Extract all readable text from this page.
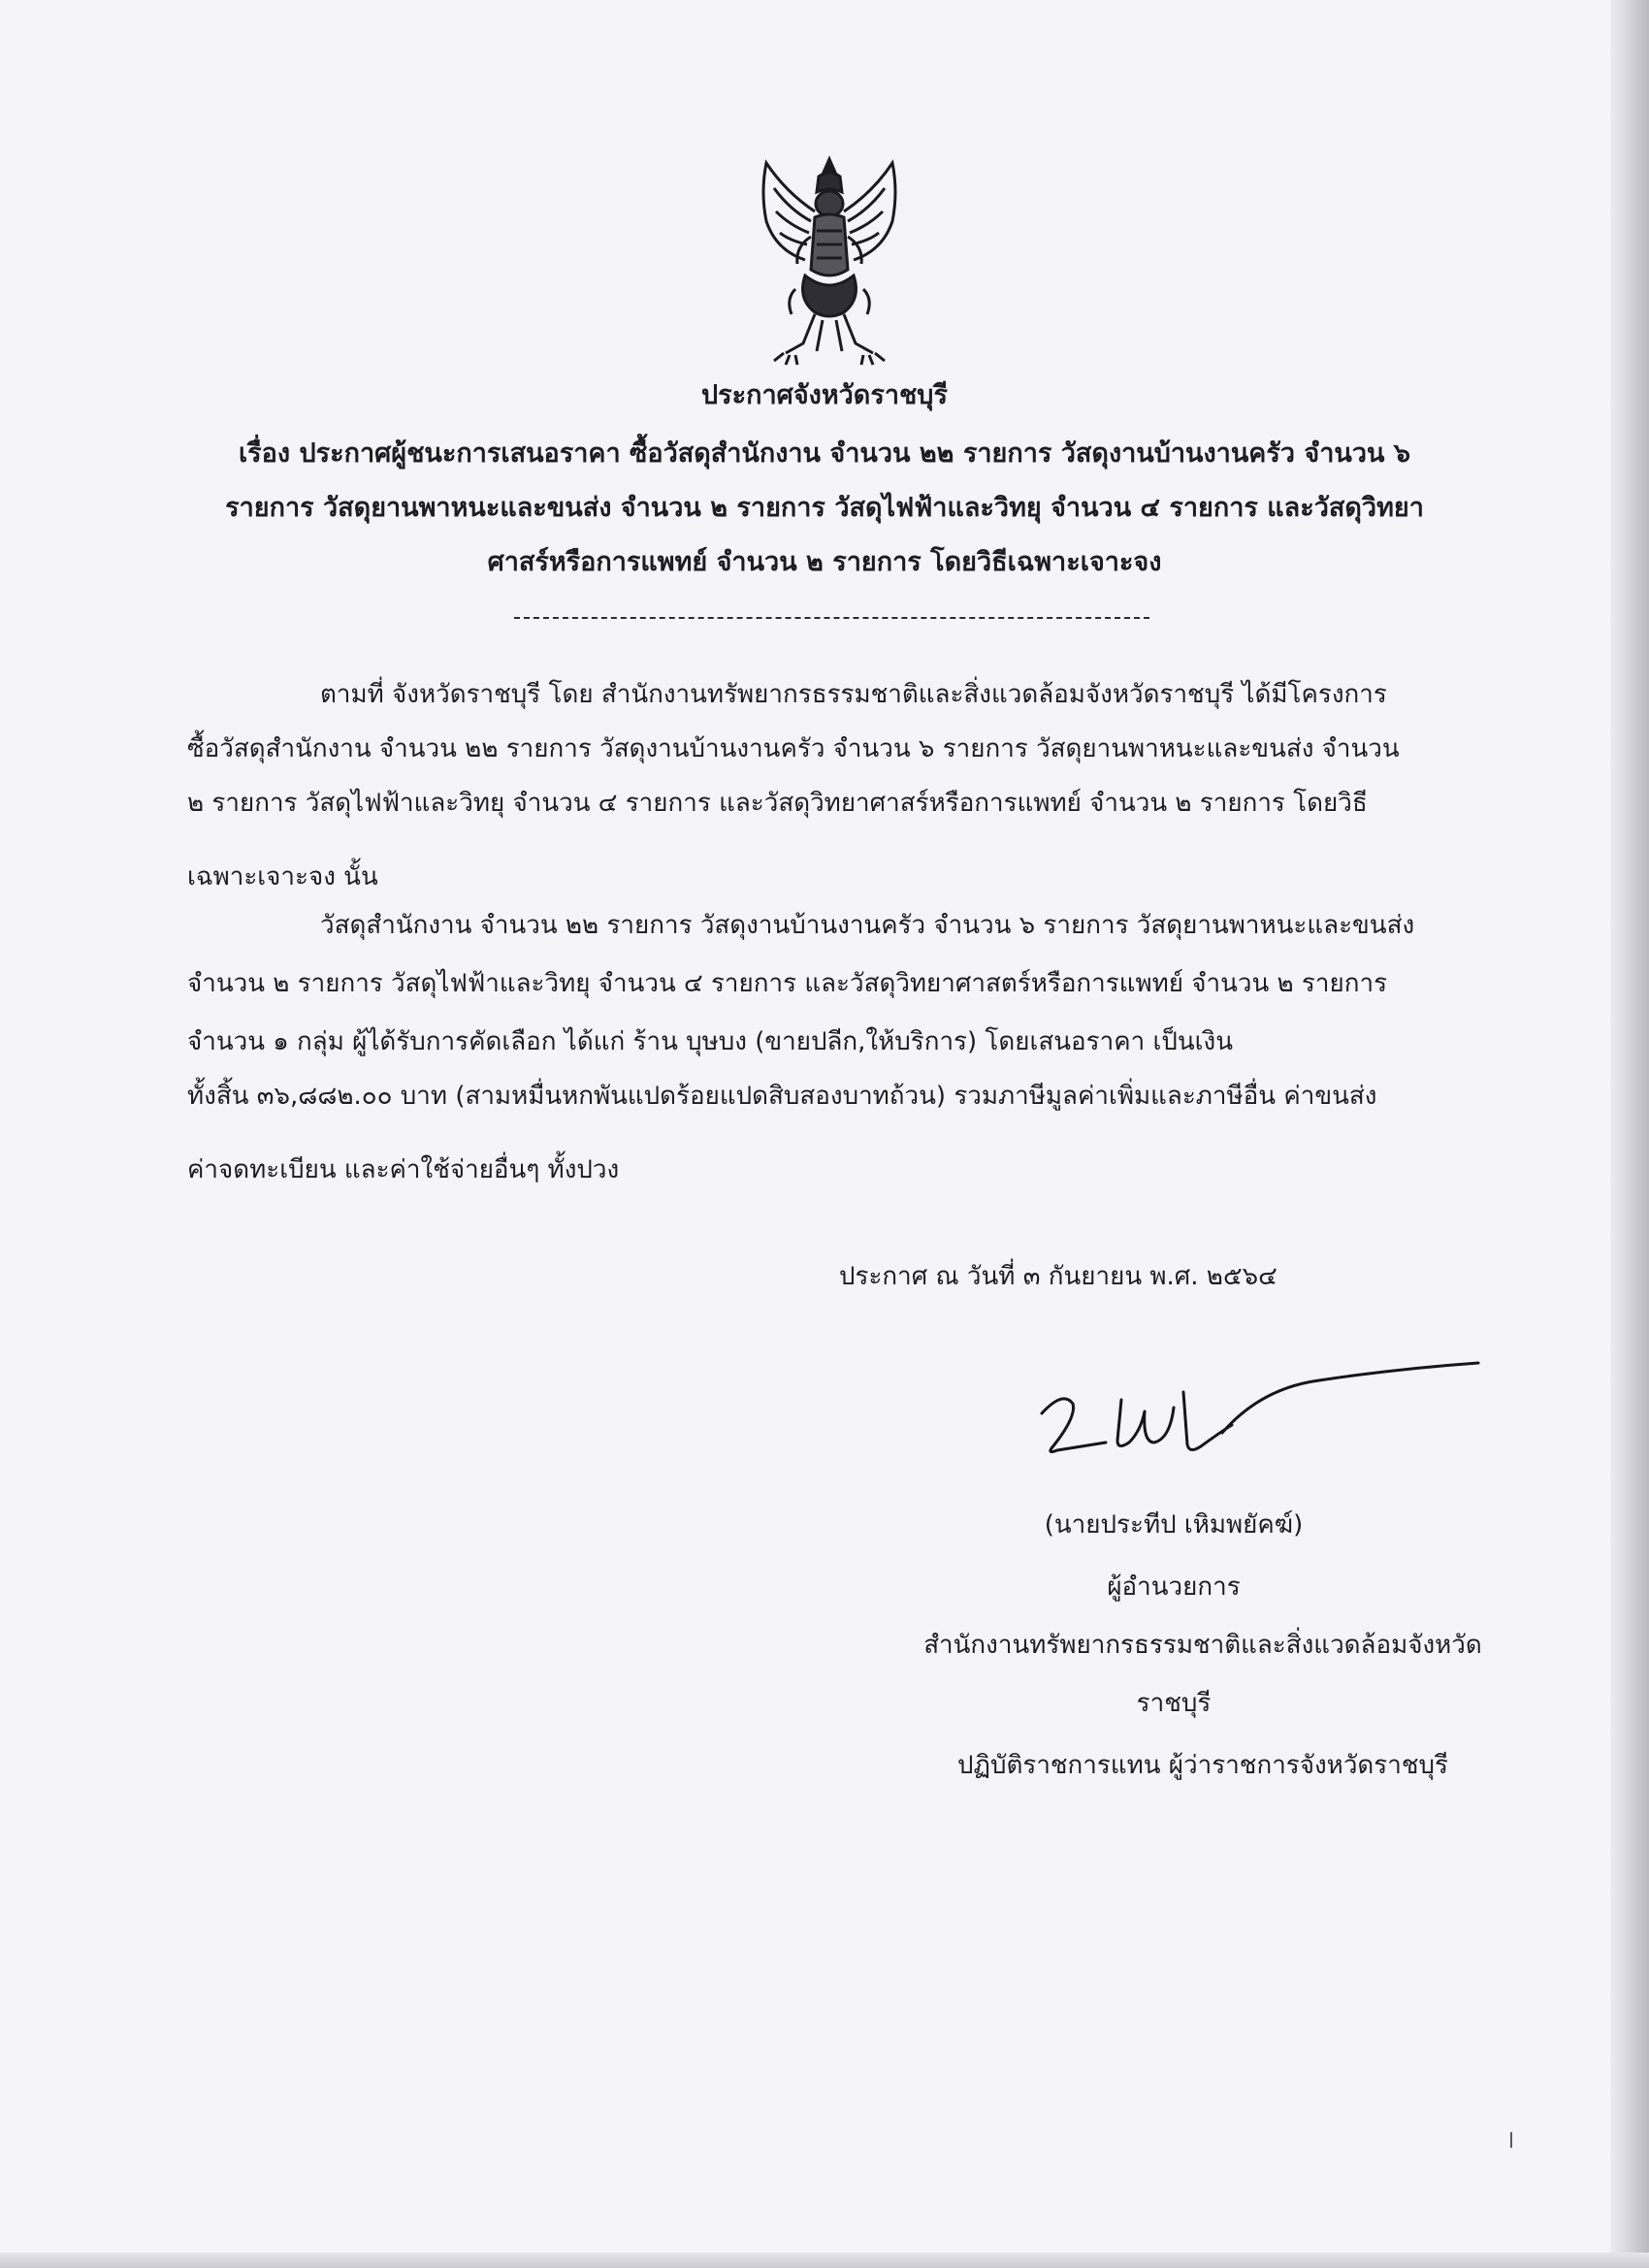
ประกาศจังหวัดราชบุรี
เรื่อง ประกาศผู้ชนะการเสนอราคา ซื้อวัสดุสำนักงาน จำนวน ๒๒ รายการ วัสดุงานบ้านงานครัว จำนวน ๖
รายการ วัสดุยานพาหนะและขนส่ง จำนวน ๒ รายการ วัสดุไฟฟ้าและวิทยุ จำนวน ๔ รายการ และวัสดุวิทยา
ศาสร์หรือการแพทย์ จำนวน ๒ รายการ โดยวิธีเฉพาะเจาะจง
ตามที่ จังหวัดราชบุรี โดย สำนักงานทรัพยากรธรรมชาติและสิ่งแวดล้อมจังหวัดราชบุรี ได้มีโครงการ
ซื้อวัสดุสำนักงาน จำนวน ๒๒ รายการ วัสดุงานบ้านงานครัว จำนวน ๖ รายการ วัสดุยานพาหนะและขนส่ง จำนวน
๒ รายการ วัสดุไฟฟ้าและวิทยุ จำนวน ๔ รายการ และวัสดุวิทยาศาสร์หรือการแพทย์ จำนวน ๒ รายการ โดยวิธี
เฉพาะเจาะจง นั้น
วัสดุสำนักงาน จำนวน ๒๒ รายการ วัสดุงานบ้านงานครัว จำนวน ๖ รายการ วัสดุยานพาหนะและขนส่ง
จำนวน ๒ รายการ วัสดุไฟฟ้าและวิทยุ จำนวน ๔ รายการ และวัสดุวิทยาศาสตร์หรือการแพทย์ จำนวน ๒ รายการ
จำนวน ๑ กลุ่ม ผู้ได้รับการคัดเลือก ได้แก่ ร้าน บุษบง (ขายปลีก,ให้บริการ) โดยเสนอราคา เป็นเงิน
ทั้งสิ้น ๓๖,๘๘๒.๐๐ บาท (สามหมื่นหกพันแปดร้อยแปดสิบสองบาทถ้วน) รวมภาษีมูลค่าเพิ่มและภาษีอื่น ค่าขนส่ง
ค่าจดทะเบียน และค่าใช้จ่ายอื่นๆ ทั้งปวง
ประกาศ ณ วันที่ ๓ กันยายน พ.ศ. ๒๕๖๔
(นายประทีป เหิมพยัคฆ์)
ผู้อำนวยการ
สำนักงานทรัพยากรธรรมชาติและสิ่งแวดล้อมจังหวัด
ราชบุรี
ปฏิบัติราชการแทน ผู้ว่าราชการจังหวัดราชบุรี
